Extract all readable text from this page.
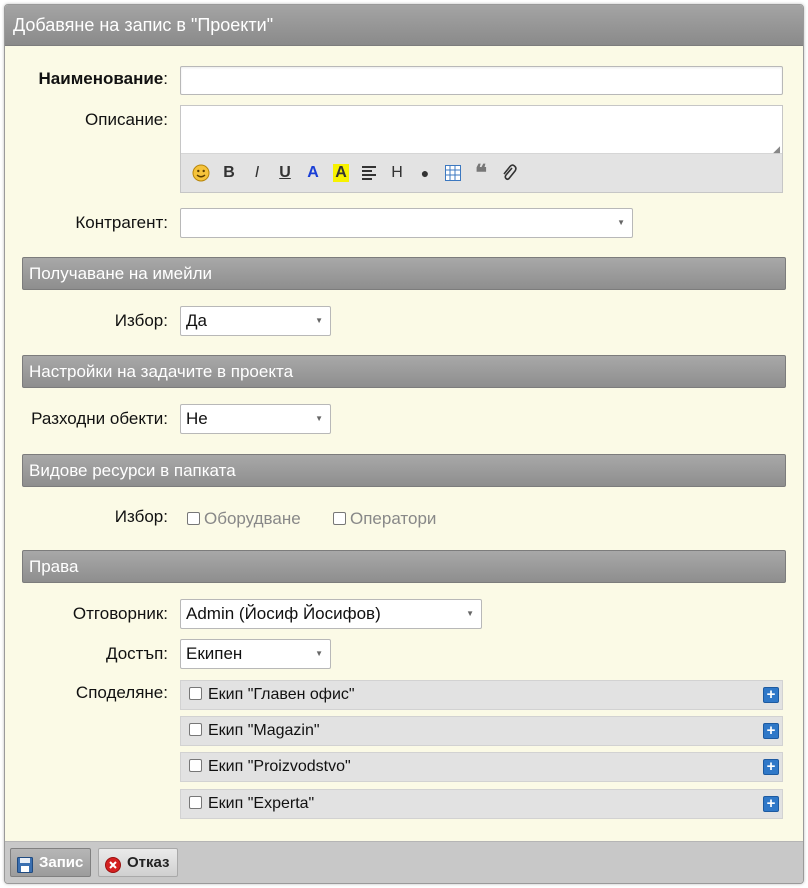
Добавяне на запис в "Проекти"
Наименование:
Описание:
◢
B	I	U	A	A	H	●	❝
Контрагент:	▼
Получаване на имейли
Избор:	Да	▼
Настройки на задачите в проекта
Разходни обекти:	Не	▼
Видове ресурси в папката
Избор:	Оборудване	Оператори
Права
Отговорник:	Admin (Йосиф Йосифов)	▼
Достъп:	Екипен	▼
Споделяне:	Екип "Главен офис"	+
Екип "Magazin"	+
Екип "Proizvodstvo"	+
Екип "Experta"	+
Запис	Отказ
